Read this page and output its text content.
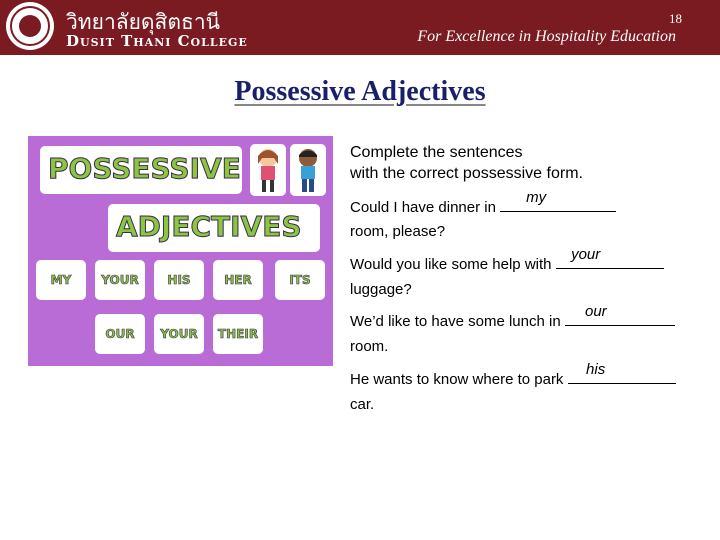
วิทยาลัยดุสิตธานี
Dusit Thani College
18
For Excellence in Hospitality Education
Possessive Adjectives
POSSESSIVE
ADJECTIVES
MY	YOUR	HIS	HER	ITS
OUR	YOUR	THEIR
Complete the sentences
with the correct possessive form.
Could I have dinner in
my
room, please?
Would you like some help with
your
luggage?
We’d like to have some lunch in
our
room.
He wants to know where to park
his
car.
